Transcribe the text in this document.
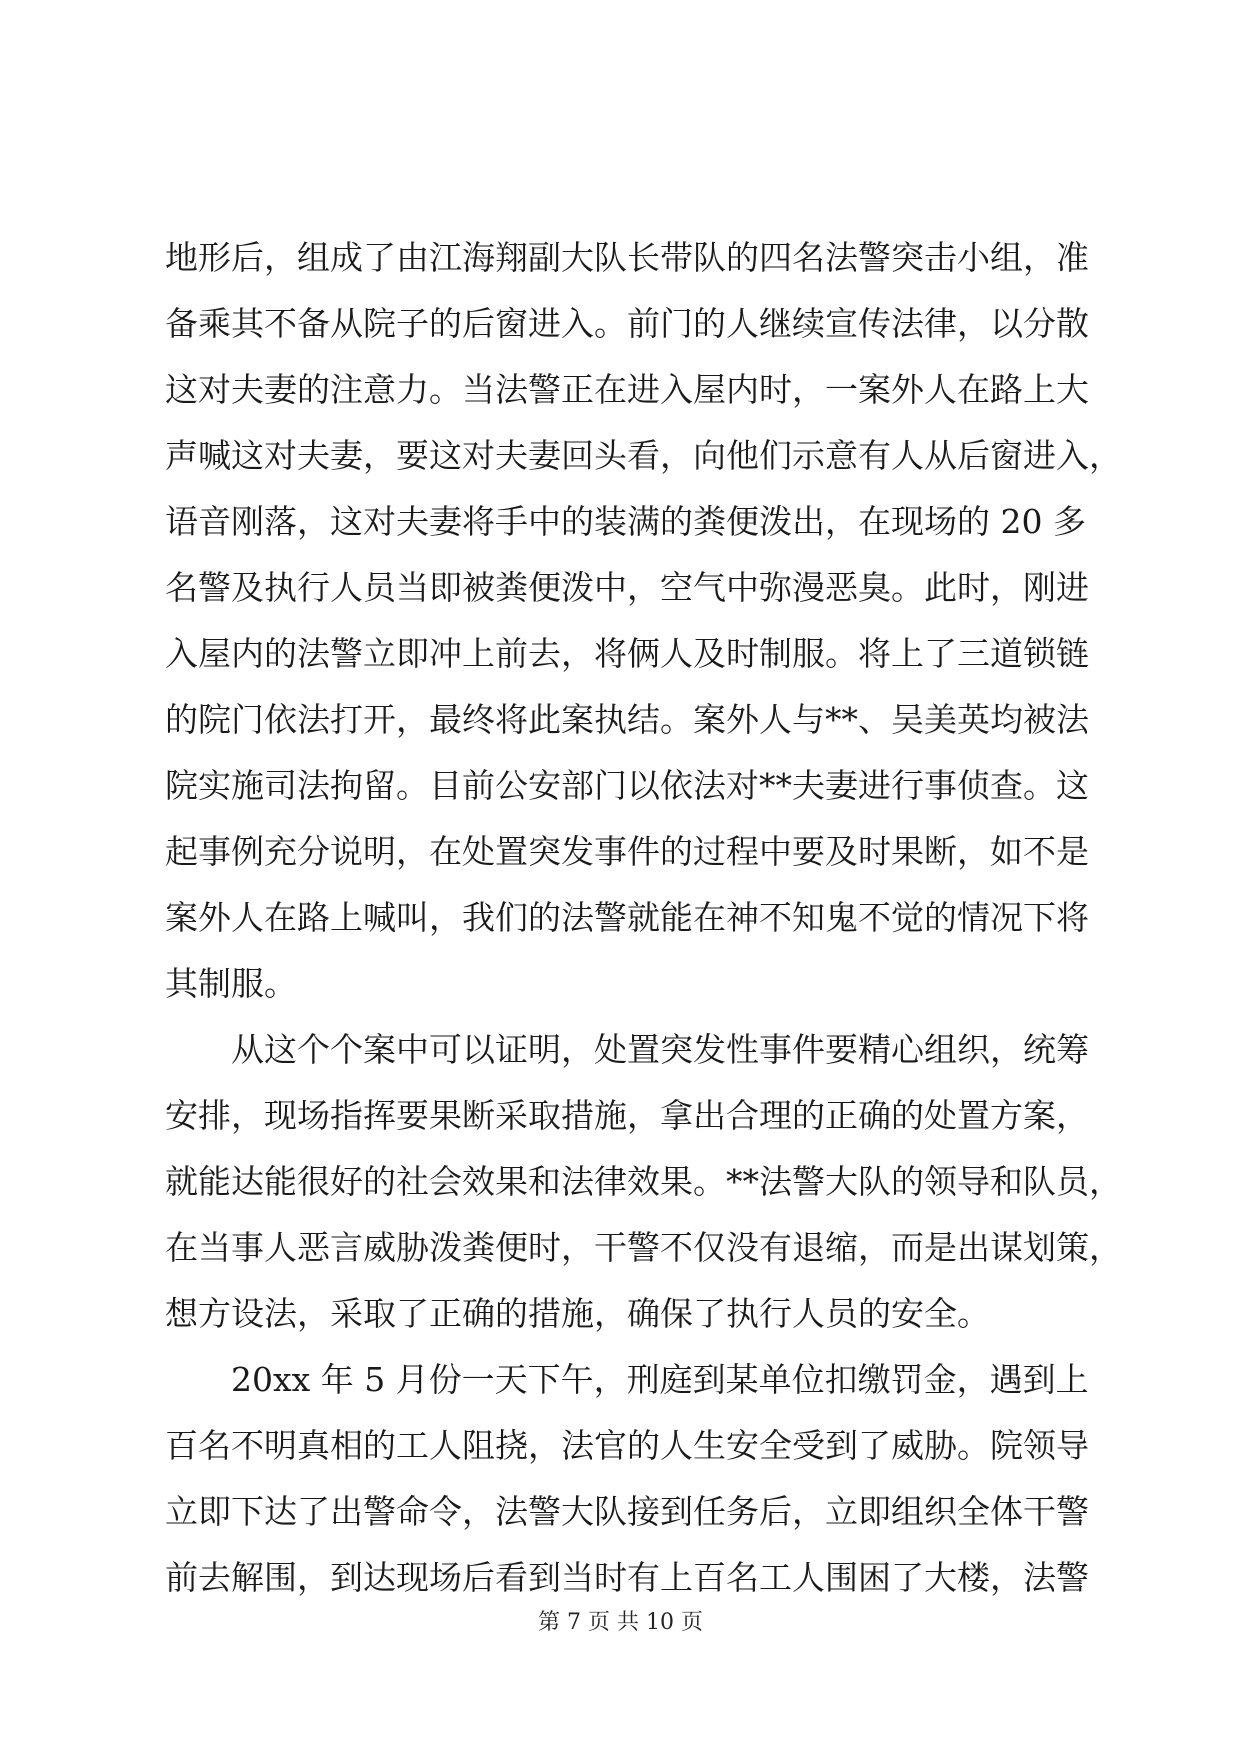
地形后，组成了由江海翔副大队长带队的四名法警突击小组，准
备乘其不备从院子的后窗进入。前门的人继续宣传法律，以分散
这对夫妻的注意力。当法警正在进入屋内时，一案外人在路上大
声喊这对夫妻，要这对夫妻回头看，向他们示意有人从后窗进入，
语音刚落，这对夫妻将手中的装满的粪便泼出，在现场的 20 多
名警及执行人员当即被粪便泼中，空气中弥漫恶臭。此时，刚进
入屋内的法警立即冲上前去，将俩人及时制服。将上了三道锁链
的院门依法打开，最终将此案执结。案外人与**、吴美英均被法
院实施司法拘留。目前公安部门以依法对**夫妻进行事侦查。这
起事例充分说明，在处置突发事件的过程中要及时果断，如不是
案外人在路上喊叫，我们的法警就能在神不知鬼不觉的情况下将
其制服。
从这个个案中可以证明，处置突发性事件要精心组织，统筹
安排，现场指挥要果断采取措施，拿出合理的正确的处置方案，
就能达能很好的社会效果和法律效果。**法警大队的领导和队员，
在当事人恶言威胁泼粪便时，干警不仅没有退缩，而是出谋划策，
想方设法，采取了正确的措施，确保了执行人员的安全。
20xx 年 5 月份一天下午，刑庭到某单位扣缴罚金，遇到上
百名不明真相的工人阻挠，法官的人生安全受到了威胁。院领导
立即下达了出警命令，法警大队接到任务后，立即组织全体干警
前去解围，到达现场后看到当时有上百名工人围困了大楼，法警
第 7 页 共 10 页
